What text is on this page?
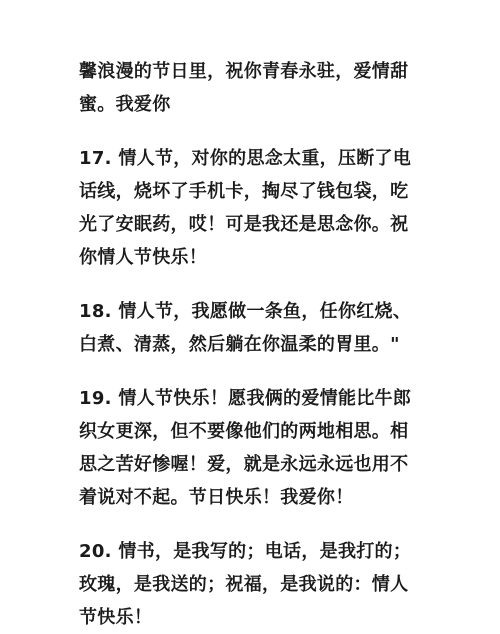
馨浪漫的节日里，祝你青春永驻，爱情甜
蜜。我爱你

17. 情人节，对你的思念太重，压断了电
话线，烧坏了手机卡，掏尽了钱包袋，吃
光了安眠药，哎！可是我还是思念你。祝
你情人节快乐！

18. 情人节，我愿做一条鱼，任你红烧、
白煮、清蒸，然后躺在你温柔的胃里。"

19. 情人节快乐！愿我俩的爱情能比牛郎
织女更深，但不要像他们的两地相思。相
思之苦好惨喔！爱，就是永远永远也用不
着说对不起。节日快乐！我爱你！

20. 情书，是我写的；电话，是我打的；
玫瑰，是我送的；祝福，是我说的：情人
节快乐！
